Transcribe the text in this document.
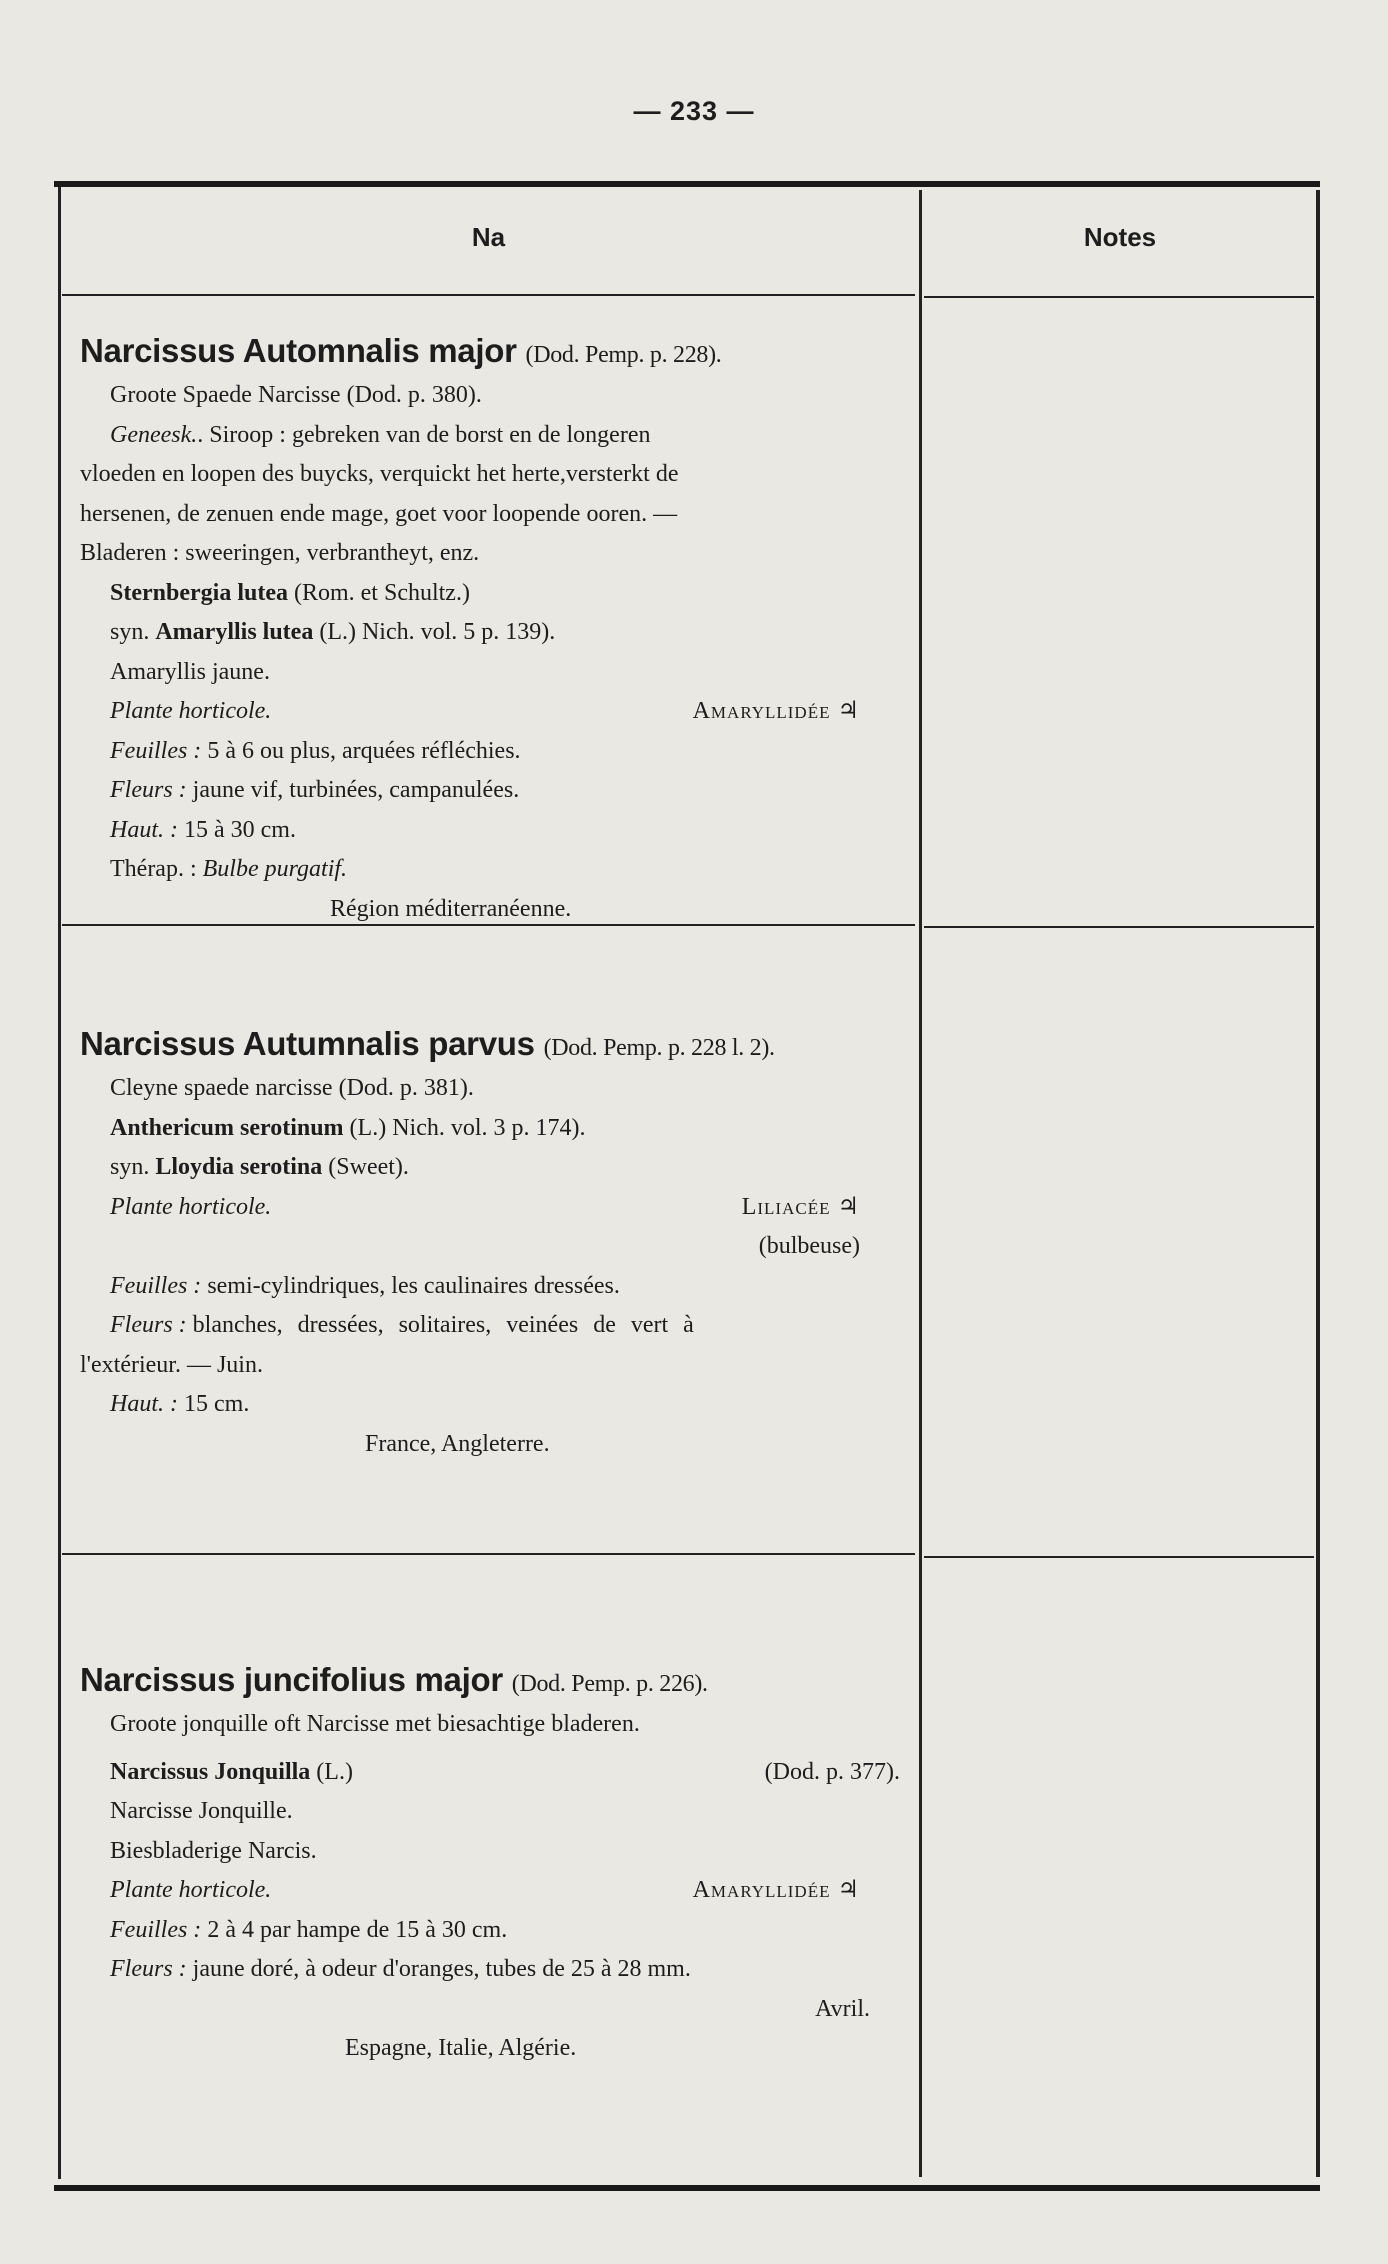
— 233 —
Na	Notes
Narcissus Automnalis major (Dod. Pemp. p. 228).
Groote Spaede Narcisse (Dod. p. 380).
Geneesk.. Siroop : gebreken van de borst en de longeren
vloeden en loopen des buycks, verquickt het herte,versterkt de
hersenen, de zenuen ende mage, goet voor loopende ooren. —
Bladeren : sweeringen, verbrantheyt, enz.
Sternbergia lutea (Rom. et Schultz.)
syn. Amaryllis lutea (L.) Nich. vol. 5 p. 139).
Amaryllis jaune.
Plante horticole.	Amaryllidée ♃
Feuilles : 5 à 6 ou plus, arquées réfléchies.
Fleurs : jaune vif, turbinées, campanulées.
Haut. : 15 à 30 cm.
Thérap. : Bulbe purgatif.
Région méditerranéenne.
Narcissus Autumnalis parvus (Dod. Pemp. p. 228 l. 2).
Cleyne spaede narcisse (Dod. p. 381).
Anthericum serotinum (L.) Nich. vol. 3 p. 174).
syn. Lloydia serotina (Sweet).
Plante horticole.	Liliacée ♃
(bulbeuse)
Feuilles : semi-cylindriques, les caulinaires dressées.
Fleurs : blanches, dressées, solitaires, veinées de vert à
l'extérieur. — Juin.
Haut. : 15 cm.
France, Angleterre.
Narcissus juncifolius major (Dod. Pemp. p. 226).
Groote jonquille oft Narcisse met biesachtige bladeren.
Narcissus Jonquilla (L.)	(Dod. p. 377).
Narcisse Jonquille.
Biesbladerige Narcis.
Plante horticole.	Amaryllidée ♃
Feuilles : 2 à 4 par hampe de 15 à 30 cm.
Fleurs : jaune doré, à odeur d'oranges, tubes de 25 à 28 mm.
Avril.
Espagne, Italie, Algérie.
